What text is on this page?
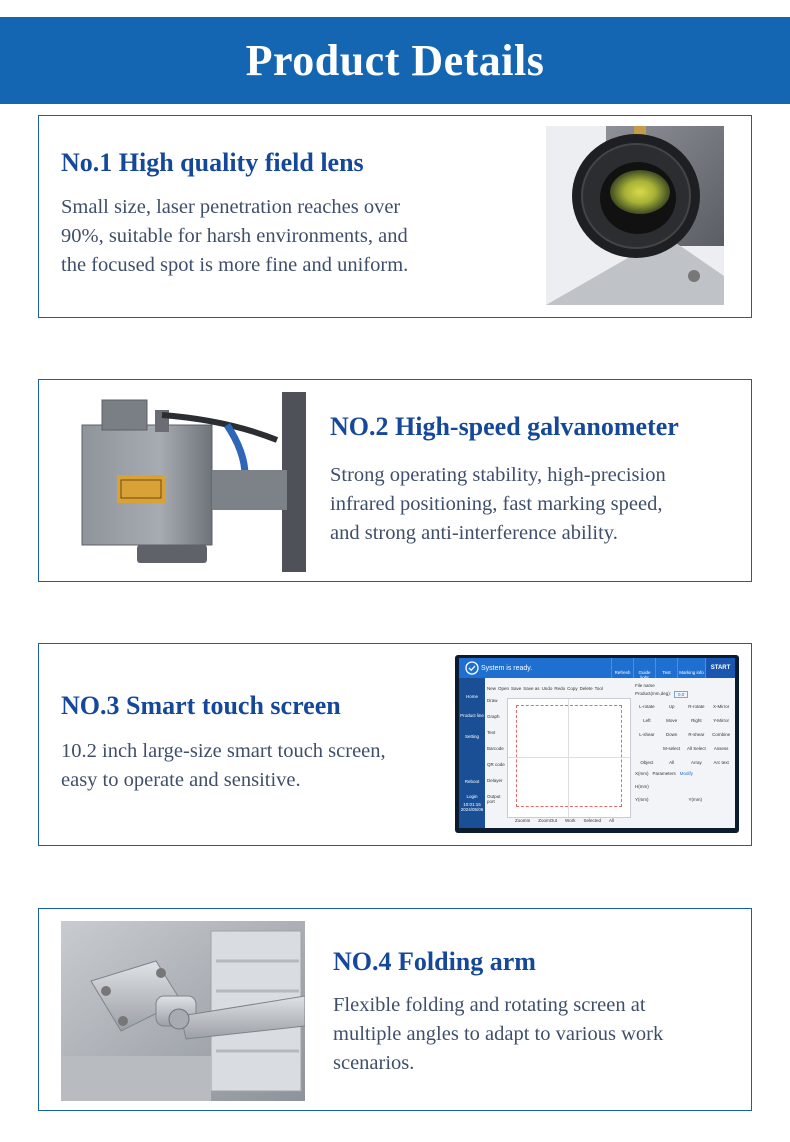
Product Details
No.1 High quality field lens

Small size, laser penetration reaches over
90%, suitable for harsh environments, and
the focused spot is more fine and uniform.

NO.2 High-speed galvanometer

Strong operating stability, high-precision
infrared positioning, fast marking speed,
and strong anti-interference ability.

NO.3 Smart touch screen

10.2 inch large-size smart touch screen,
easy to operate and sensitive.

System is ready.
Refresh	Guide	Test	Marking info
START
Home
Product line
Setting
Reboot
Login
10:01:16
2024/05/06
New Open Save Save as Undo Redo Copy Delete Tool
Draw
Graph
Text
Barcode
QR code
Delayer
Output port
ZoomIn ZoomOut Work Selected All
File name
Product(mm,deg):	0.0
L-rotate	Up	R-rotate	X-Mirror
Left	Move	Right	Y-Mirror
L-shear	Down	R-shear	Combine
M-select	All Select	Assess
Object	All	Array	Arc text
X(mm) Parameters Modify
H(mm)
Y(mm)	Y(mm)
NO.4 Folding arm

Flexible folding and rotating screen at
multiple angles to adapt to various work
scenarios.
